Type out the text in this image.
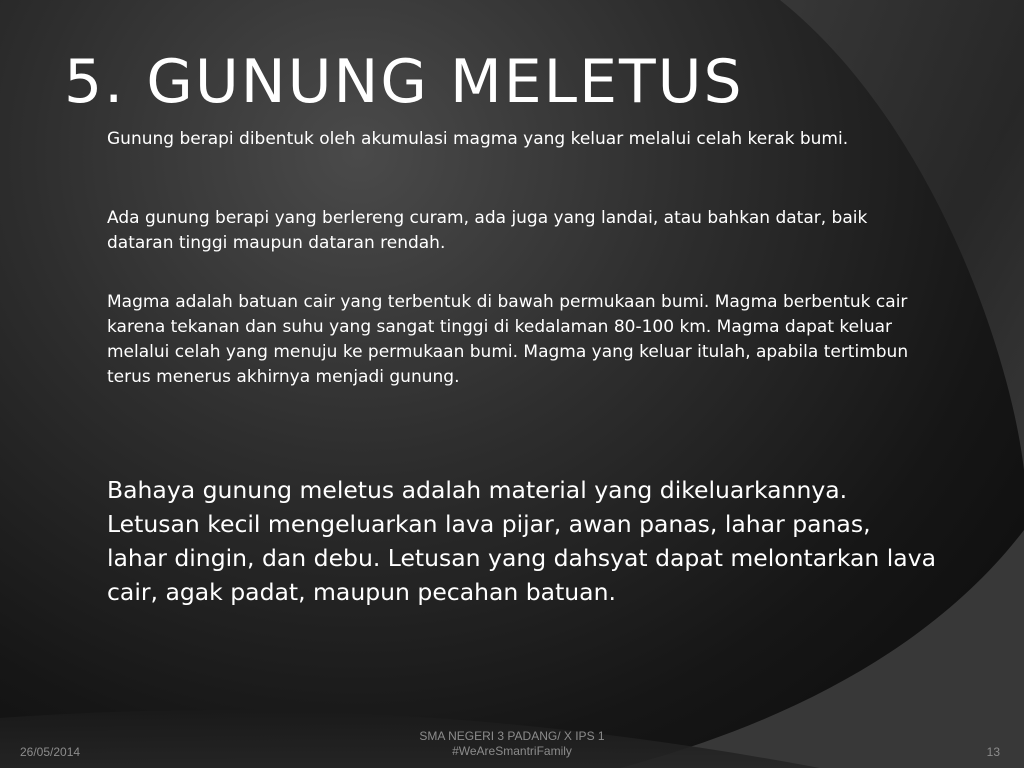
5. GUNUNG MELETUS

Gunung berapi dibentuk oleh akumulasi magma yang keluar melalui celah kerak bumi.

Ada gunung berapi yang berlereng curam, ada juga yang landai, atau bahkan datar, baik dataran tinggi maupun dataran rendah.

Magma adalah batuan cair yang terbentuk di bawah permukaan bumi. Magma berbentuk cair karena tekanan dan suhu yang sangat tinggi di kedalaman 80-100 km. Magma dapat keluar melalui celah yang menuju ke permukaan bumi. Magma yang keluar itulah, apabila tertimbun terus menerus akhirnya menjadi gunung.

Bahaya gunung meletus adalah material yang dikeluarkannya. Letusan kecil mengeluarkan lava pijar, awan panas, lahar panas, lahar dingin, dan debu. Letusan yang dahsyat dapat melontarkan lava cair, agak padat, maupun pecahan batuan.

26/05/2014
SMA NEGERI 3 PADANG/ X IPS 1
#WeAreSmantriFamily	13
